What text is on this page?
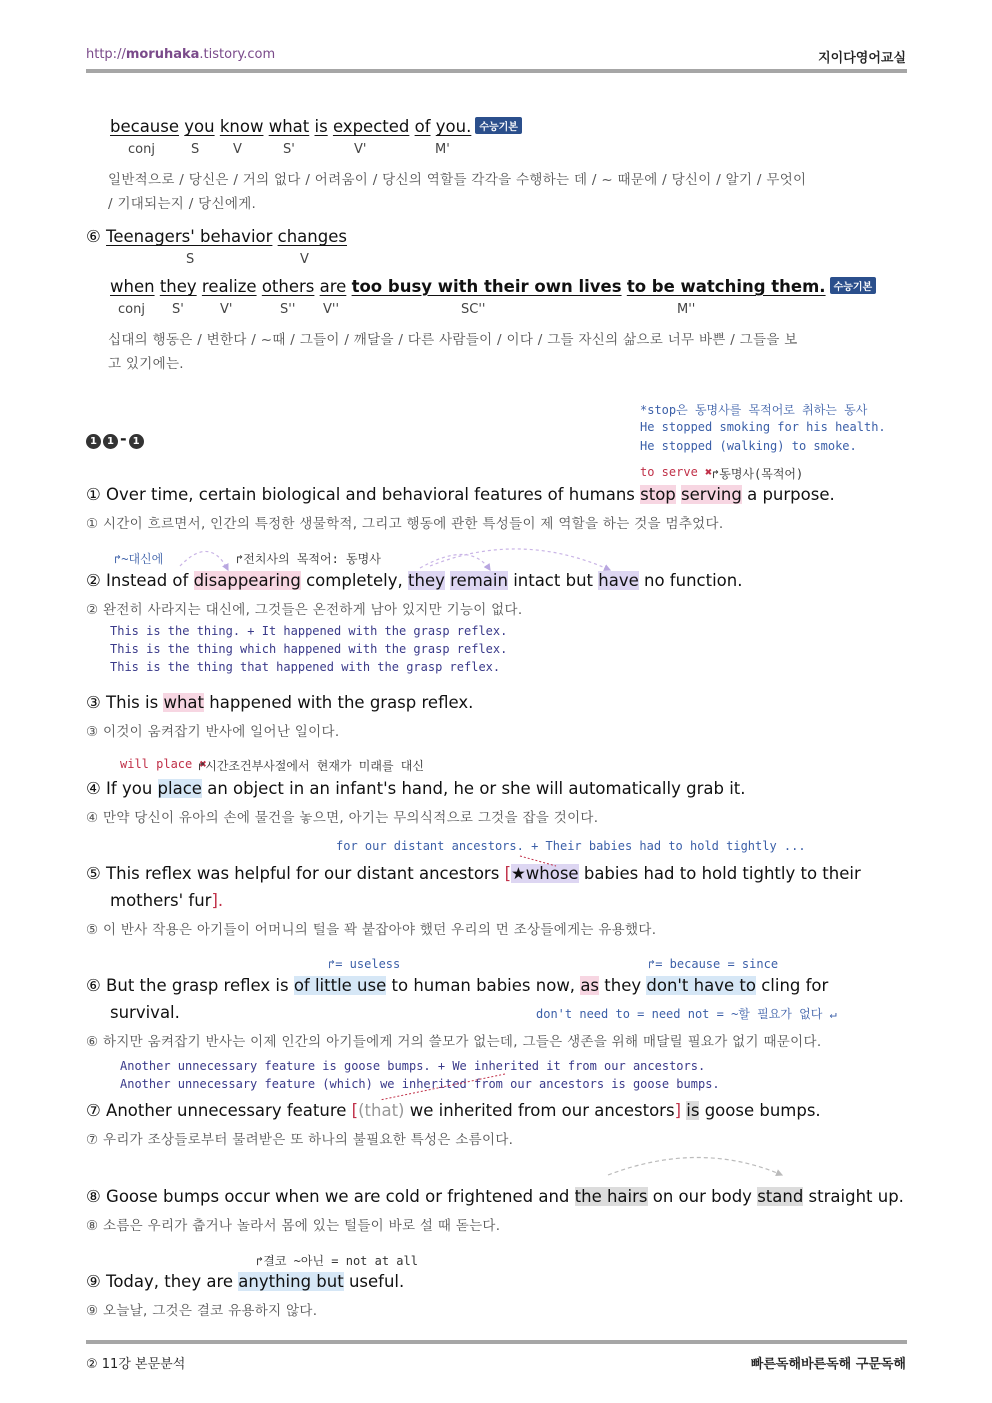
http://moruhaka.tistory.com	지이다영어교실
because you know what is expected of you. 수능기본
conj	S	V	S'	V'	M'
일반적으로 / 당신은 / 거의 없다 / 어려움이 / 당신의 역할들 각각을 수행하는 데 / ~ 때문에 / 당신이 / 알기 / 무엇이
/ 기대되는지 / 당신에게.
⑥ Teenagers' behavior changes
S	V
when they realize others are too busy with their own lives to be watching them. 수능기본
conj S'	V'	S'' V''	SC''	M''
십대의 행동은 / 변한다 / ~때 / 그들이 / 깨달을 / 다른 사람들이 / 이다 / 그들 자신의 삶으로 너무 바쁜 / 그들을 보
고 있기에는.
1 1 - 1
*stop은 동명사를 목적어로 취하는 동사
He stopped smoking for his health.
He stopped (walking) to smoke.
to serve ✖ ↱동명사(목적어)
① Over time, certain biological and behavioral features of humans stop serving a purpose.
① 시간이 흐르면서, 인간의 특정한 생물학적, 그리고 행동에 관한 특성들이 제 역할을 하는 것을 멈추었다.
↱~대신에	↱전치사의 목적어: 동명사
② Instead of disappearing completely, they remain intact but have no function.
② 완전히 사라지는 대신에, 그것들은 온전하게 남아 있지만 기능이 없다.
This is the thing. + It happened with the grasp reflex.
This is the thing which happened with the grasp reflex.
This is the thing that happened with the grasp reflex.
③ This is what happened with the grasp reflex.
③ 이것이 움켜잡기 반사에 일어난 일이다.
will place ✖
↱시간조건부사절에서 현재가 미래를 대신
④ If you place an object in an infant's hand, he or she will automatically grab it.
④ 만약 당신이 유아의 손에 물건을 놓으면, 아기는 무의식적으로 그것을 잡을 것이다.
for our distant ancestors. + Their babies had to hold tightly ...
⑤ This reflex was helpful for our distant ancestors [★whose babies had to hold tightly to their
mothers' fur].
⑤ 이 반사 작용은 아기들이 어머니의 털을 꽉 붙잡아야 했던 우리의 먼 조상들에게는 유용했다.
↱= useless	↱= because = since
⑥ But the grasp reflex is of little use to human babies now, as they don't have to cling for
survival.	don't need to = need not = ~할 필요가 없다 ↵
⑥ 하지만 움켜잡기 반사는 이제 인간의 아기들에게 거의 쓸모가 없는데, 그들은 생존을 위해 매달릴 필요가 없기 때문이다.
Another unnecessary feature is goose bumps. + We inherited it from our ancestors.
Another unnecessary feature (which) we inherited from our ancestors is goose bumps.
⑦ Another unnecessary feature [(that) we inherited from our ancestors] is goose bumps.
⑦ 우리가 조상들로부터 물려받은 또 하나의 불필요한 특성은 소름이다.
⑧ Goose bumps occur when we are cold or frightened and the hairs on our body stand straight up.
⑧ 소름은 우리가 춥거나 놀라서 몸에 있는 털들이 바로 설 때 돋는다.
↱결코 ~아닌 = not at all
⑨ Today, they are anything but useful.
⑨ 오늘날, 그것은 결코 유용하지 않다.
② 11강 본문분석	빠른독해바른독해 구문독해
